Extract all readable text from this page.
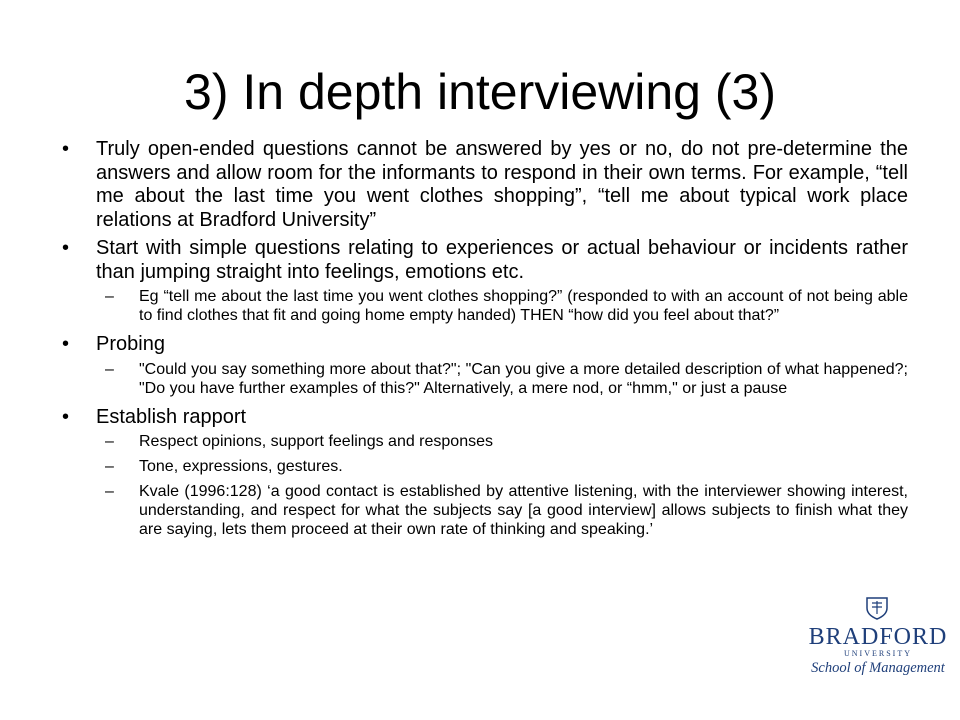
3) In depth interviewing (3)
• Truly open-ended questions cannot be answered by yes or no, do not pre-determine the answers and allow room for the informants to respond in their own terms. For example, “tell me about the last time you went clothes shopping”, “tell me about typical work place relations at Bradford University”
• Start with simple questions relating to experiences or actual behaviour or incidents rather than jumping straight into feelings, emotions etc.
– Eg “tell me about the last time you went clothes shopping?” (responded to with an account of not being able to find clothes that fit and going home empty handed) THEN “how did you feel about that?”
• Probing
– "Could you say something more about that?"; "Can you give a more detailed description of what happened?; "Do you have further examples of this?" Alternatively, a mere nod, or “hmm," or just a pause
• Establish rapport
– Respect opinions, support feelings and responses
– Tone, expressions, gestures.
– Kvale (1996:128) ‘a good contact is established by attentive listening, with the interviewer showing interest, understanding, and respect for what the subjects say [a good interview] allows subjects to finish what they are saying, lets them proceed at their own rate of thinking and speaking.’
BRADFORD
UNIVERSITY
School of Management
